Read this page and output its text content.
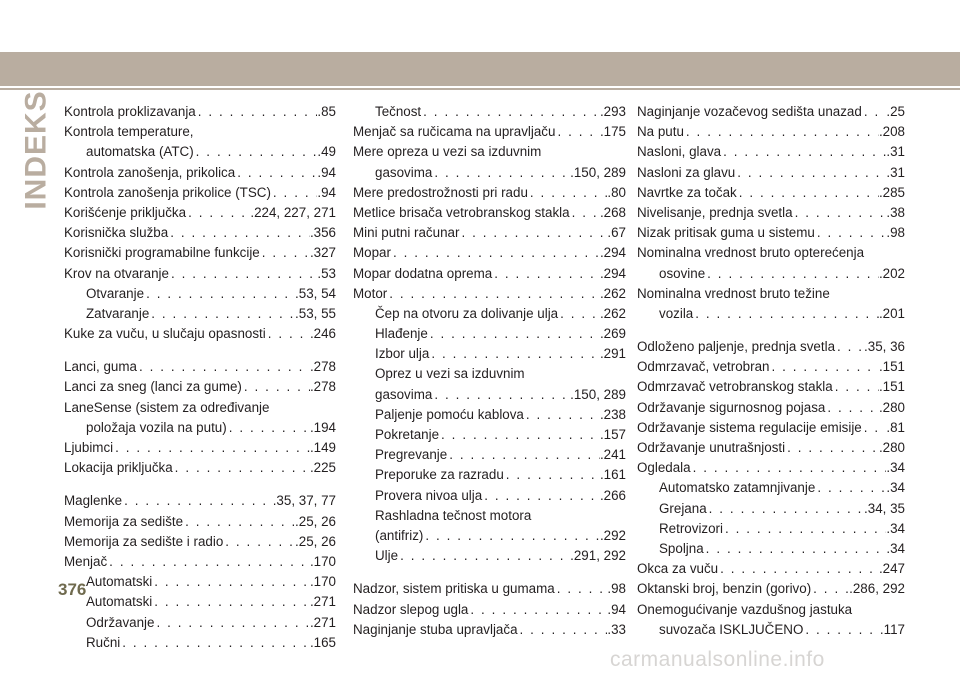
INDEKS Kontrola proklizavanja . . .	.85
Kontrola temperature,
automatska (ATC) . . .	.49
Kontrola zanošenja, prikolica . . .	.94
Kontrola zanošenja prikolice (TSC) . . .	.94
Korišćenje priključka . . .	.224, 227, 271
Korisnička služba . . .	.356
Korisnički programabilne funkcije . . .	.327
Krov na otvaranje . . .	.53
Otvaranje . . .	.53, 54
Zatvaranje . . .	.53, 55
Kuke za vuču, u slučaju opasnosti . . .	.246
Lanci, guma . . .	.278
Lanci za sneg (lanci za gume) . . .	.278
LaneSense (sistem za određivanje
položaja vozila na putu) . . .	.194
Ljubimci . . .	.149
Lokacija priključka . . .	.225
Maglenke . . .	.35, 37, 77
Memorija za sedište . . .	.25, 26
Memorija za sedište i radio . . .	.25, 26
Menjač . . .	.170
Automatski . . .	.170
Automatski . . .	.271
Održavanje . . .	.271
Ručni . . .	.165
Tečnost . . .	.293
Menjač sa ručicama na upravljaču . . .	.175
Mere opreza u vezi sa izduvnim
gasovima . . .	.150, 289
Mere predostrožnosti pri radu . . .	.80
Metlice brisača vetrobranskog stakla . . . .268
Mini putni računar . . .	.67
Mopar . . .	.294
Mopar dodatna oprema . . .	.294
Motor . . .	.262
Čep na otvoru za dolivanje ulja . . .	.262
Hlađenje . . .	.269
Izbor ulja . . .	.291
Oprez u vezi sa izduvnim
gasovima . . .	.150, 289
Paljenje pomoću kablova . . .	.238
Pokretanje . . .	.157
Pregrevanje . . .	.241
Preporuke za razradu . . .	.161
Provera nivoa ulja . . .	.266
Rashladna tečnost motora
(antifriz) . . .	.292
Ulje . . .	.291, 292
Nadzor, sistem pritiska u gumama . . .	.98
Nadzor slepog ugla . . .	.94
Naginjanje stuba upravljača . . .	.33
Naginjanje vozačevog sedišta unazad . . . .25
Na putu . . .	.208
Nasloni, glava . . .	.31
Nasloni za glavu . . .	.31
Navrtke za točak . . .	.285
Nivelisanje, prednja svetla . . .	.38
Nizak pritisak guma u sistemu . . .	.98
Nominalna vrednost bruto opterećenja
osovine . . .	.202
Nominalna vrednost bruto težine
vozila . . .	.201
Odloženo paljenje, prednja svetla . . . .35, 36
Odmrzavač, vetrobran . . .	.151
Odmrzavač vetrobranskog stakla . . .	.151
Održavanje sigurnosnog pojasa . . .	.280
Održavanje sistema regulacije emisije . . . .81
Održavanje unutrašnjosti . . .	.280
Ogledala . . .	.34
Automatsko zatamnjivanje . . .	.34
Grejana . . .	.34, 35
Retrovizori . . .	.34
Spoljna . . .	.34
Okca za vuču . . .	.247
Oktanski broj, benzin (gorivo) . . .	.286, 292
Onemogućivanje vazdušnog jastuka
suvozača ISKLJUČENO . . .	.117
376
carmanualsonline.info
